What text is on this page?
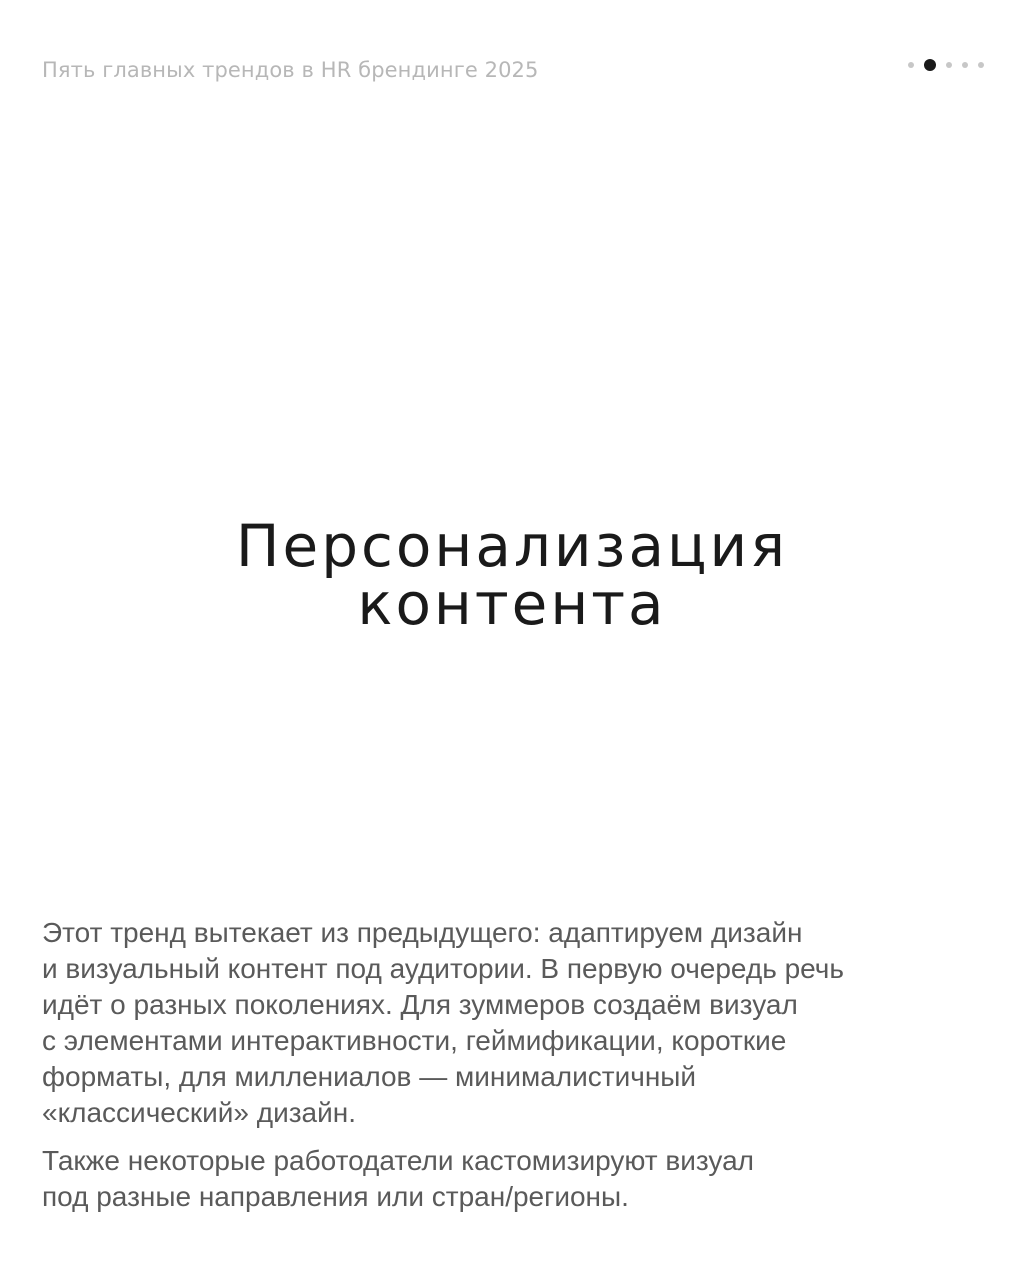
Пять главных трендов в HR брендинге 2025
Персонализация
контента

Этот тренд вытекает из предыдущего: адаптируем дизайн
и визуальный контент под аудитории. В первую очередь речь
идёт о разных поколениях. Для зуммеров создаём визуал
с элементами интерактивности, геймификации, короткие
форматы, для миллениалов — минималистичный
«классический» дизайн.

Также некоторые работодатели кастомизируют визуал
под разные направления или стран/регионы.
